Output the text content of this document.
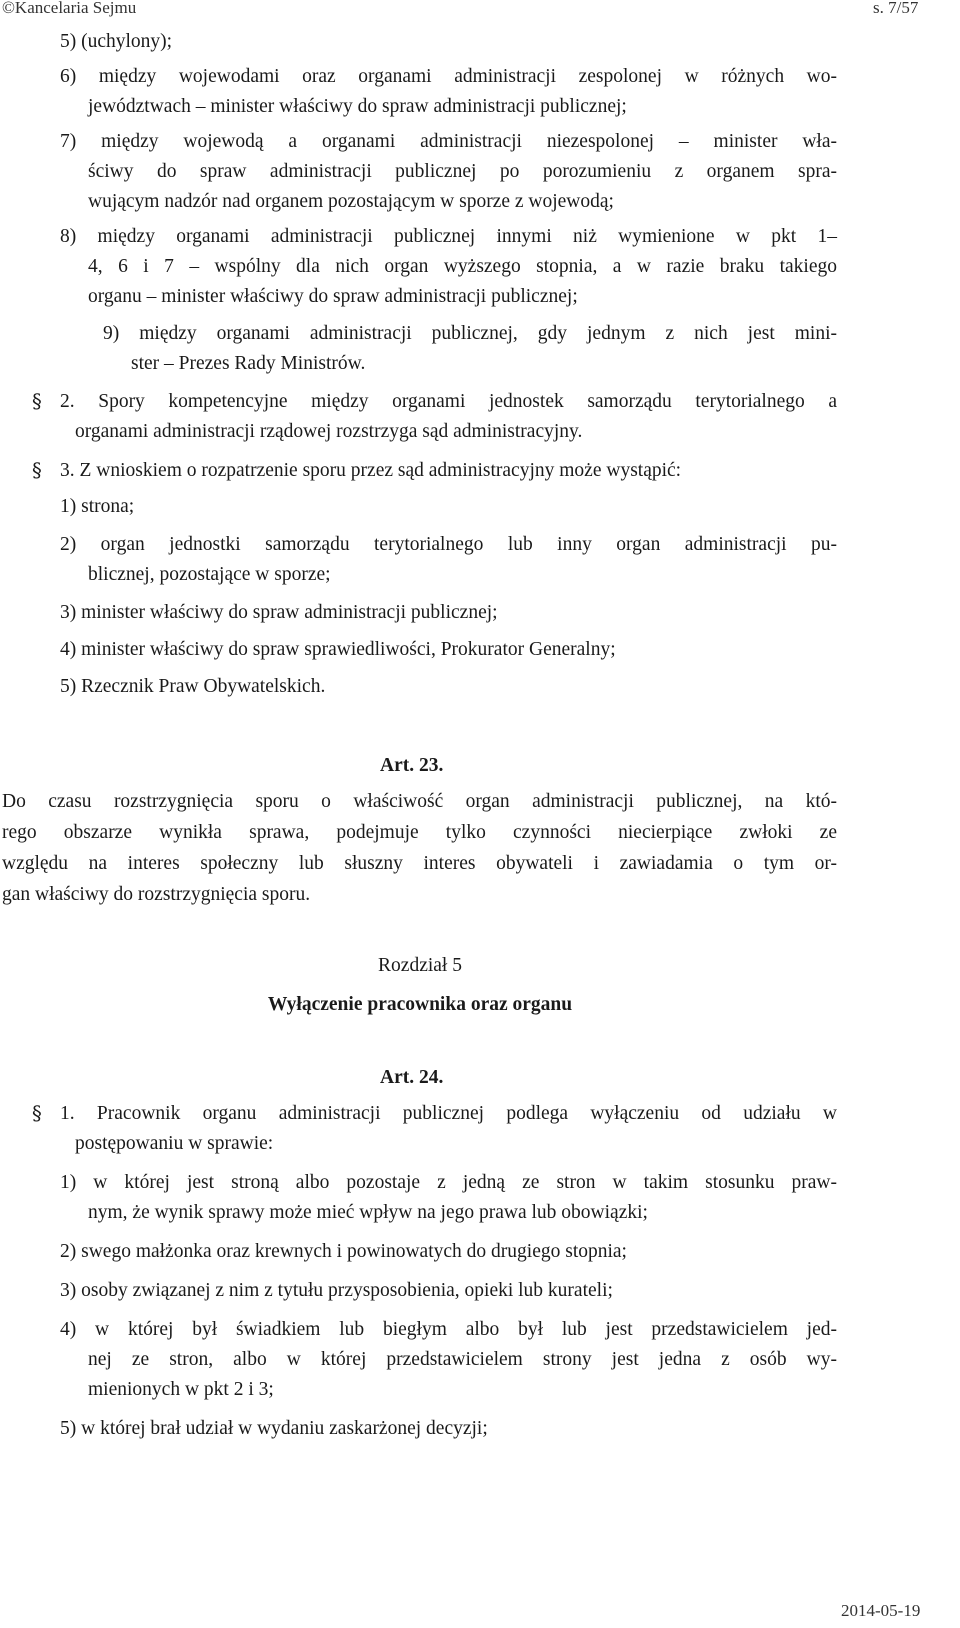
©Kancelaria Sejmu	s. 7/57
5) (uchylony);
6) między wojewodami oraz organami administracji zespolonej w różnych wo-
jewództwach – minister właściwy do spraw administracji publicznej;
7) między wojewodą a organami administracji niezespolonej – minister wła-
ściwy do spraw administracji publicznej po porozumieniu z organem spra-
wującym nadzór nad organem pozostającym w sporze z wojewodą;
8) między organami administracji publicznej innymi niż wymienione w pkt 1–
4, 6 i 7 – wspólny dla nich organ wyższego stopnia, a w razie braku takiego
organu – minister właściwy do spraw administracji publicznej;
9) między organami administracji publicznej, gdy jednym z nich jest mini-
ster – Prezes Rady Ministrów.
§ 2. Spory kompetencyjne między organami jednostek samorządu terytorialnego a
organami administracji rządowej rozstrzyga sąd administracyjny.
§ 3. Z wnioskiem o rozpatrzenie sporu przez sąd administracyjny może wystąpić:
1) strona;
2) organ jednostki samorządu terytorialnego lub inny organ administracji pu-
blicznej, pozostające w sporze;
3) minister właściwy do spraw administracji publicznej;
4) minister właściwy do spraw sprawiedliwości, Prokurator Generalny;
5) Rzecznik Praw Obywatelskich.
Art. 23.
Do czasu rozstrzygnięcia sporu o właściwość organ administracji publicznej, na któ-
rego obszarze wynikła sprawa, podejmuje tylko czynności niecierpiące zwłoki ze
względu na interes społeczny lub słuszny interes obywateli i zawiadamia o tym or-
gan właściwy do rozstrzygnięcia sporu.
Rozdział 5
Wyłączenie pracownika oraz organu
Art. 24.
§ 1. Pracownik organu administracji publicznej podlega wyłączeniu od udziału w
postępowaniu w sprawie:
1) w której jest stroną albo pozostaje z jedną ze stron w takim stosunku praw-
nym, że wynik sprawy może mieć wpływ na jego prawa lub obowiązki;
2) swego małżonka oraz krewnych i powinowatych do drugiego stopnia;
3) osoby związanej z nim z tytułu przysposobienia, opieki lub kurateli;
4) w której był świadkiem lub biegłym albo był lub jest przedstawicielem jed-
nej ze stron, albo w której przedstawicielem strony jest jedna z osób wy-
mienionych w pkt 2 i 3;
5) w której brał udział w wydaniu zaskarżonej decyzji;
2014-05-19
